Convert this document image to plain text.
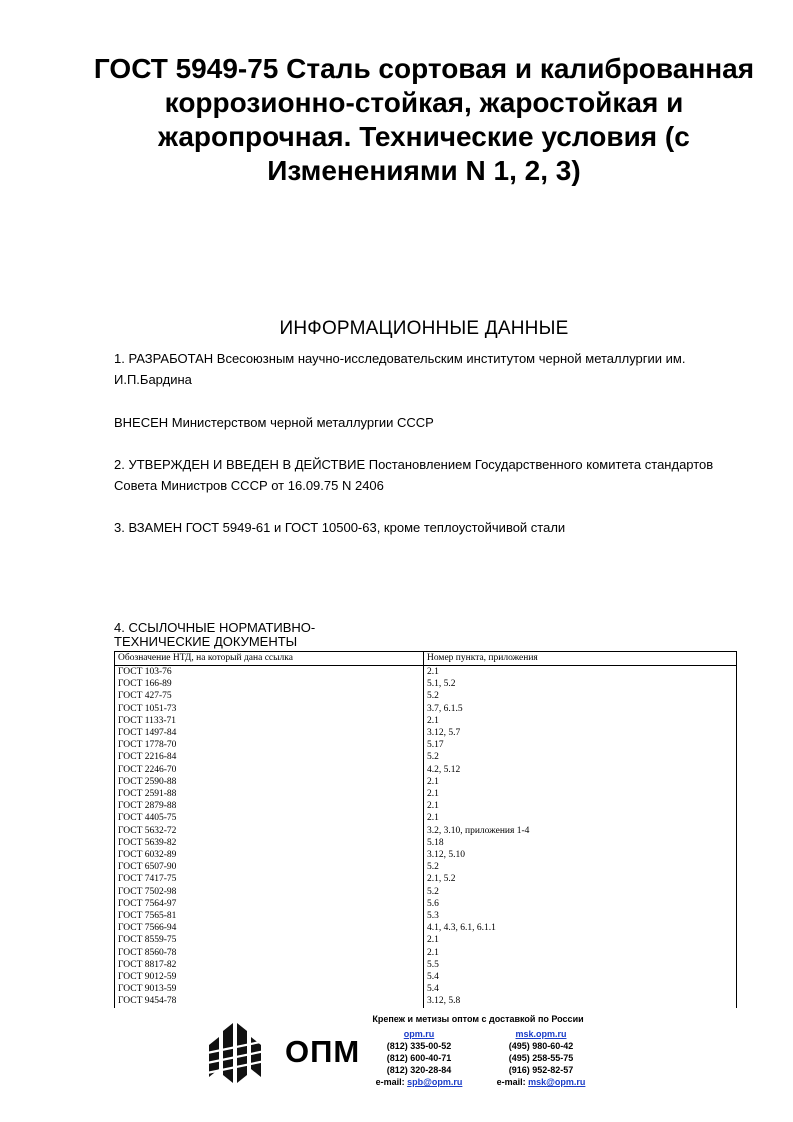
ГОСТ 5949-75 Сталь сортовая и калиброванная коррозионно-стойкая, жаростойкая и жаропрочная. Технические условия (с Изменениями N 1, 2, 3)
ИНФОРМАЦИОННЫЕ ДАННЫЕ
1. РАЗРАБОТАН Всесоюзным научно-исследовательским институтом черной металлургии им. И.П.Бардина
ВНЕСЕН Министерством черной металлургии СССР
2. УТВЕРЖДЕН И ВВЕДЕН В ДЕЙСТВИЕ Постановлением Государственного комитета стандартов Совета Министров СССР от 16.09.75 N 2406
3. ВЗАМЕН ГОСТ 5949-61 и ГОСТ 10500-63, кроме теплоустойчивой стали
4. ССЫЛОЧНЫЕ НОРМАТИВНО-
ТЕХНИЧЕСКИЕ ДОКУМЕНТЫ
Обозначение НТД, на который дана ссылка	Номер пункта, приложения
ГОСТ 103-76	2.1
ГОСТ 166-89	5.1, 5.2
ГОСТ 427-75	5.2
ГОСТ 1051-73	3.7, 6.1.5
ГОСТ 1133-71	2.1
ГОСТ 1497-84	3.12, 5.7
ГОСТ 1778-70	5.17
ГОСТ 2216-84	5.2
ГОСТ 2246-70	4.2, 5.12
ГОСТ 2590-88	2.1
ГОСТ 2591-88	2.1
ГОСТ 2879-88	2.1
ГОСТ 4405-75	2.1
ГОСТ 5632-72	3.2, 3.10, приложения 1-4
ГОСТ 5639-82	5.18
ГОСТ 6032-89	3.12, 5.10
ГОСТ 6507-90	5.2
ГОСТ 7417-75	2.1, 5.2
ГОСТ 7502-98	5.2
ГОСТ 7564-97	5.6
ГОСТ 7565-81	5.3
ГОСТ 7566-94	4.1, 4.3, 6.1, 6.1.1
ГОСТ 8559-75	2.1
ГОСТ 8560-78	2.1
ГОСТ 8817-82	5.5
ГОСТ 9012-59	5.4
ГОСТ 9013-59	5.4
ГОСТ 9454-78	3.12, 5.8
ОПМ
Крепеж и метизы оптом с доставкой по России
opm.ru
(812) 335-00-52
(812) 600-40-71
(812) 320-28-84
e-mail: spb@opm.ru
msk.opm.ru
(495) 980-60-42
(495) 258-55-75
(916) 952-82-57
e-mail: msk@opm.ru
